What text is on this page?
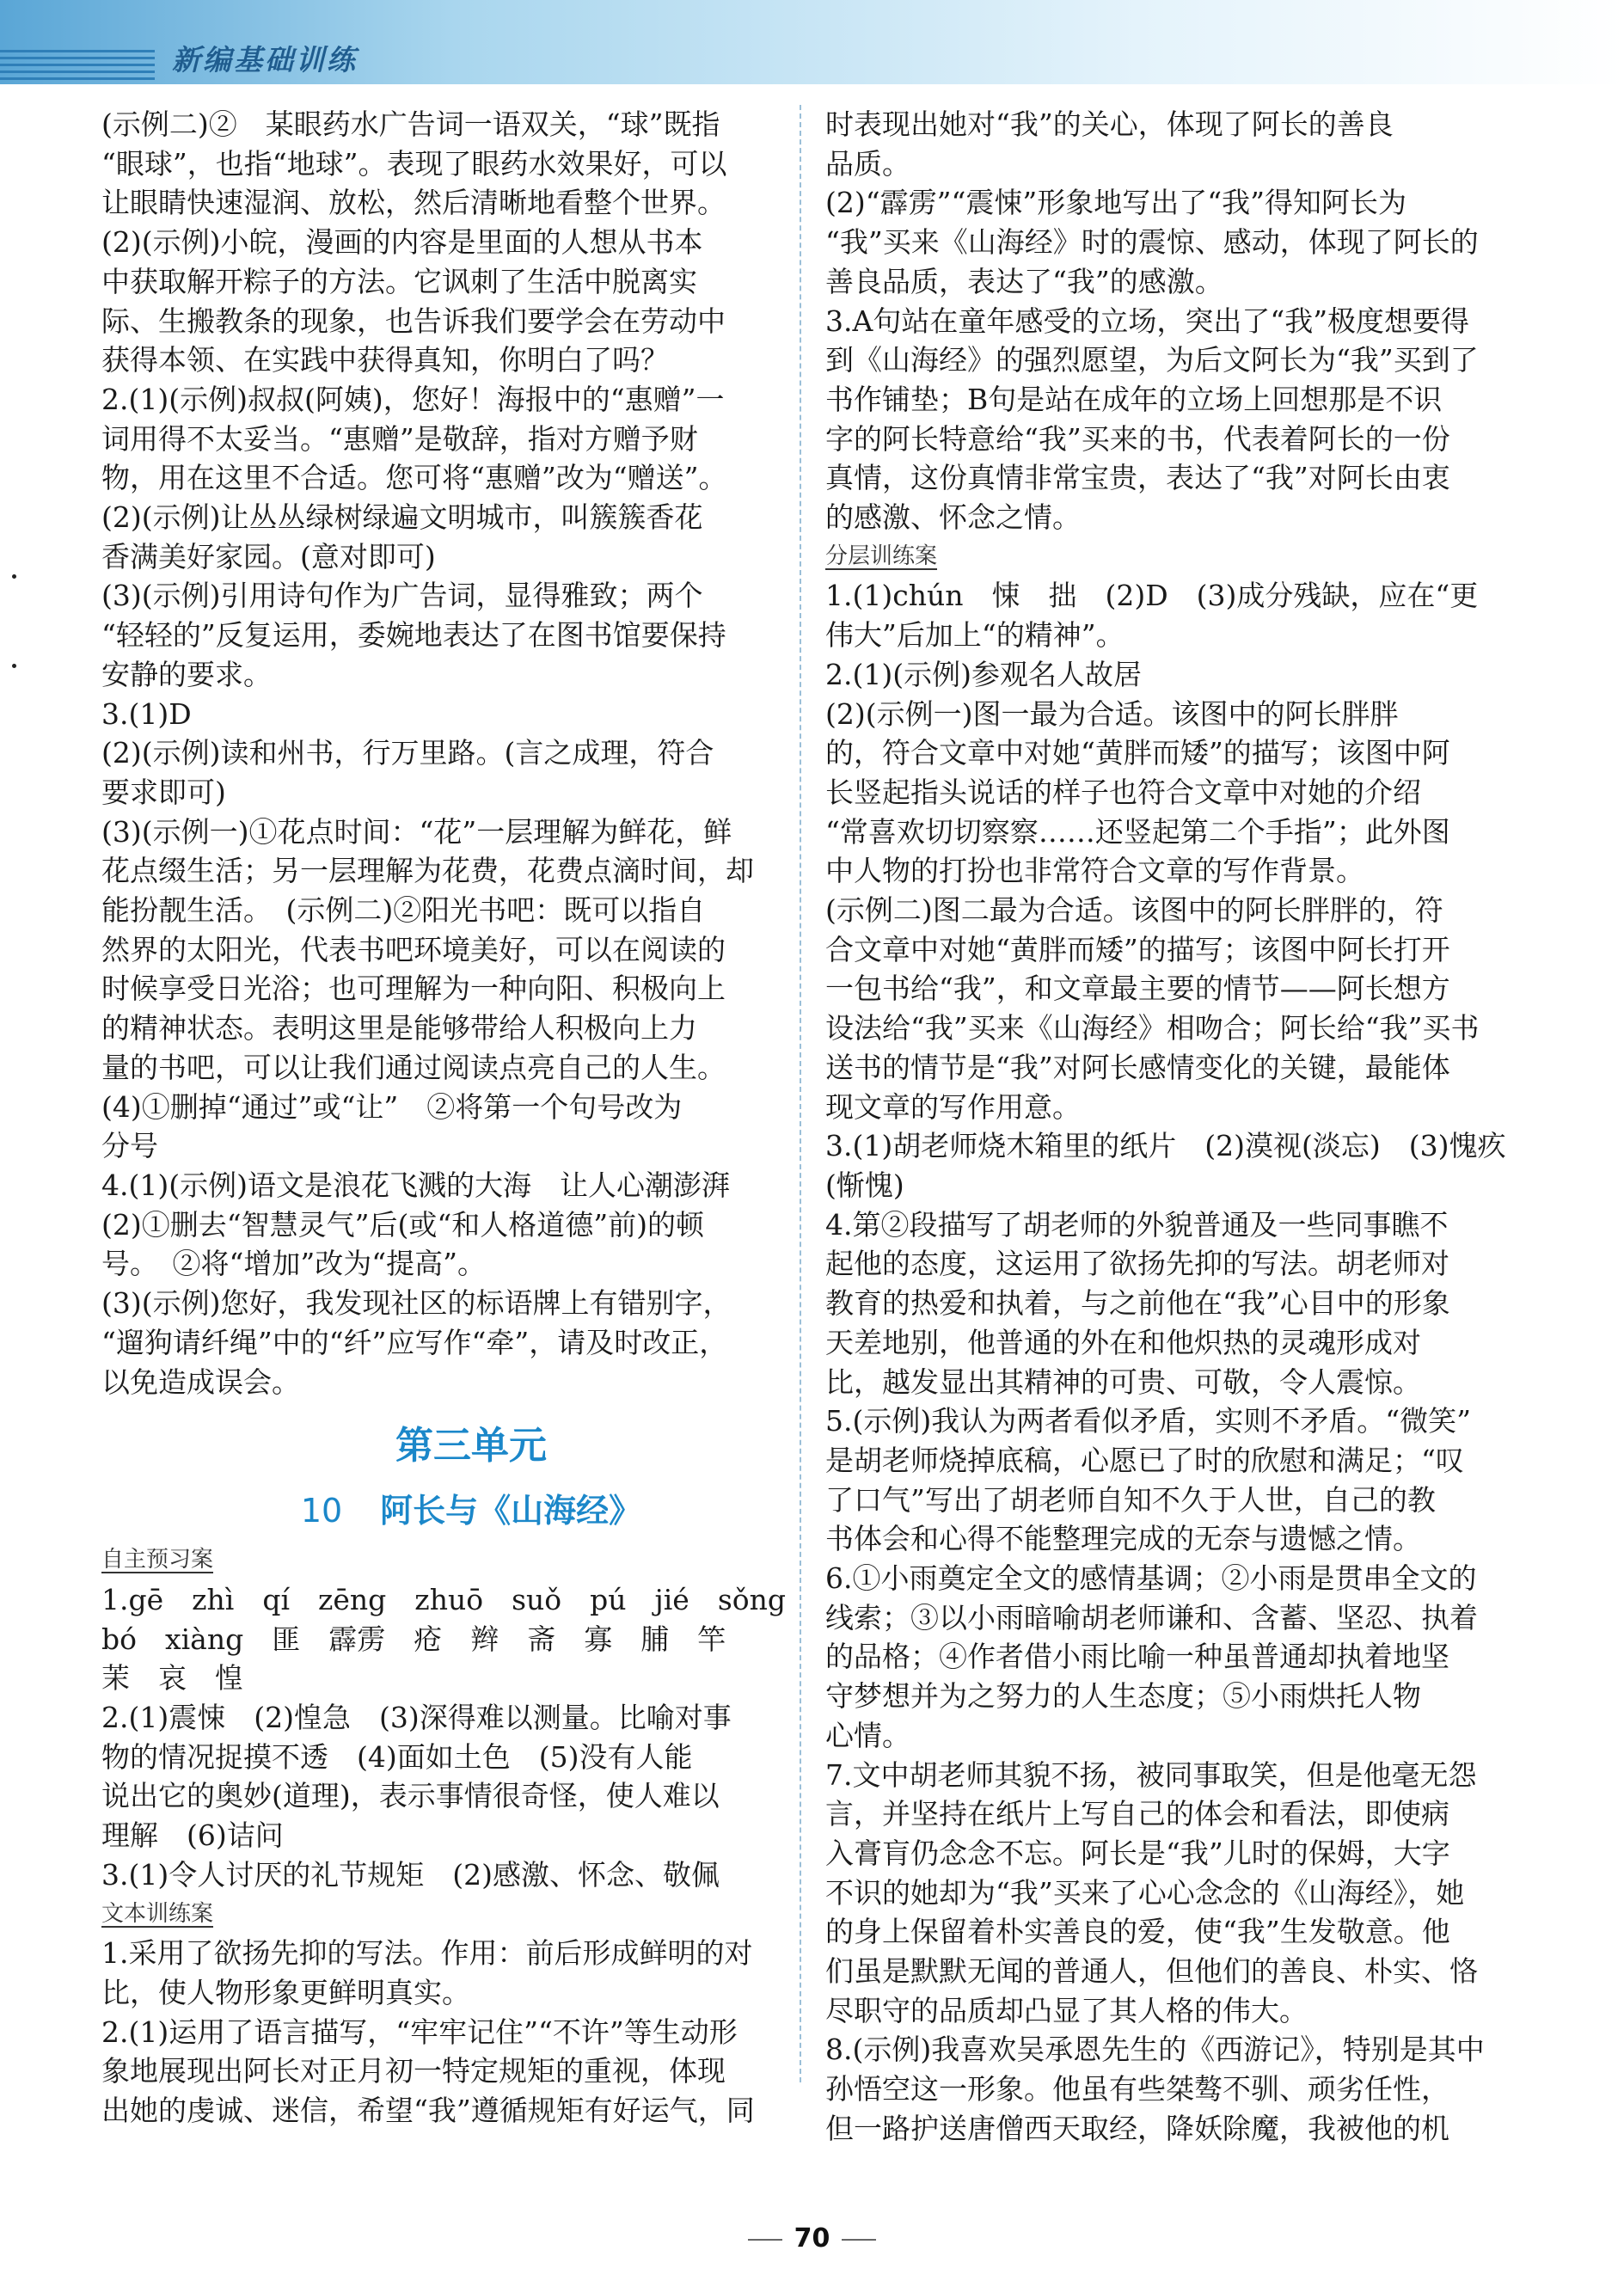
新编基础训练
(示例二)②　某眼药水广告词一语双关，“球”既指
“眼球”，也指“地球”。表现了眼药水效果好，可以
让眼睛快速湿润、放松，然后清晰地看整个世界。
(2)(示例)小皖，漫画的内容是里面的人想从书本
中获取解开粽子的方法。它讽刺了生活中脱离实
际、生搬教条的现象，也告诉我们要学会在劳动中
获得本领、在实践中获得真知，你明白了吗？
2.(1)(示例)叔叔(阿姨)，您好！海报中的“惠赠”一
词用得不太妥当。“惠赠”是敬辞，指对方赠予财
物，用在这里不合适。您可将“惠赠”改为“赠送”。
(2)(示例)让丛丛绿树绿遍文明城市，叫簇簇香花
香满美好家园。(意对即可)
(3)(示例)引用诗句作为广告词，显得雅致；两个
“轻轻的”反复运用，委婉地表达了在图书馆要保持
安静的要求。
3.(1)D
(2)(示例)读和州书，行万里路。(言之成理，符合
要求即可)
(3)(示例一)①花点时间：“花”一层理解为鲜花，鲜
花点缀生活；另一层理解为花费，花费点滴时间，却
能扮靓生活。　(示例二)②阳光书吧：既可以指自
然界的太阳光，代表书吧环境美好，可以在阅读的
时候享受日光浴；也可理解为一种向阳、积极向上
的精神状态。表明这里是能够带给人积极向上力
量的书吧，可以让我们通过阅读点亮自己的人生。
(4)①删掉“通过”或“让”　②将第一个句号改为
分号
4.(1)(示例)语文是浪花飞溅的大海　让人心潮澎湃
(2)①删去“智慧灵气”后(或“和人格道德”前)的顿
号。　②将“增加”改为“提高”。
(3)(示例)您好，我发现社区的标语牌上有错别字，
“遛狗请纤绳”中的“纤”应写作“牵”，请及时改正，
以免造成误会。
第三单元
10 阿长与《山海经》
自主预习案
1.gē　zhì　qí　zēng　zhuō　suǒ　pú　jié　sǒng
bó　xiàng　匪　霹雳　疮　辫　斋　寡　脯　竿
茉　哀　惶
2.(1)震悚　(2)惶急　(3)深得难以测量。比喻对事
物的情况捉摸不透　(4)面如土色　(5)没有人能
说出它的奥妙(道理)，表示事情很奇怪，使人难以
理解　(6)诘问
3.(1)令人讨厌的礼节规矩　(2)感激、怀念、敬佩
文本训练案
1.采用了欲扬先抑的写法。作用：前后形成鲜明的对
比，使人物形象更鲜明真实。
2.(1)运用了语言描写，“牢牢记住”“不许”等生动形
象地展现出阿长对正月初一特定规矩的重视，体现
出她的虔诚、迷信，希望“我”遵循规矩有好运气，同
时表现出她对“我”的关心，体现了阿长的善良
品质。
(2)“霹雳”“震悚”形象地写出了“我”得知阿长为
“我”买来《山海经》时的震惊、感动，体现了阿长的
善良品质，表达了“我”的感激。
3.A句站在童年感受的立场，突出了“我”极度想要得
到《山海经》的强烈愿望，为后文阿长为“我”买到了
书作铺垫；B句是站在成年的立场上回想那是不识
字的阿长特意给“我”买来的书，代表着阿长的一份
真情，这份真情非常宝贵，表达了“我”对阿长由衷
的感激、怀念之情。
分层训练案
1.(1)chún　悚　拙　(2)D　(3)成分残缺，应在“更
伟大”后加上“的精神”。
2.(1)(示例)参观名人故居
(2)(示例一)图一最为合适。该图中的阿长胖胖
的，符合文章中对她“黄胖而矮”的描写；该图中阿
长竖起指头说话的样子也符合文章中对她的介绍
“常喜欢切切察察……还竖起第二个手指”；此外图
中人物的打扮也非常符合文章的写作背景。
(示例二)图二最为合适。该图中的阿长胖胖的，符
合文章中对她“黄胖而矮”的描写；该图中阿长打开
一包书给“我”，和文章最主要的情节——阿长想方
设法给“我”买来《山海经》相吻合；阿长给“我”买书
送书的情节是“我”对阿长感情变化的关键，最能体
现文章的写作用意。
3.(1)胡老师烧木箱里的纸片　(2)漠视(淡忘)　(3)愧疚
(惭愧)
4.第②段描写了胡老师的外貌普通及一些同事瞧不
起他的态度，这运用了欲扬先抑的写法。胡老师对
教育的热爱和执着，与之前他在“我”心目中的形象
天差地别，他普通的外在和他炽热的灵魂形成对
比，越发显出其精神的可贵、可敬，令人震惊。
5.(示例)我认为两者看似矛盾，实则不矛盾。“微笑”
是胡老师烧掉底稿，心愿已了时的欣慰和满足；“叹
了口气”写出了胡老师自知不久于人世，自己的教
书体会和心得不能整理完成的无奈与遗憾之情。
6.①小雨奠定全文的感情基调；②小雨是贯串全文的
线索；③以小雨暗喻胡老师谦和、含蓄、坚忍、执着
的品格；④作者借小雨比喻一种虽普通却执着地坚
守梦想并为之努力的人生态度；⑤小雨烘托人物
心情。
7.文中胡老师其貌不扬，被同事取笑，但是他毫无怨
言，并坚持在纸片上写自己的体会和看法，即使病
入膏肓仍念念不忘。阿长是“我”儿时的保姆，大字
不识的她却为“我”买来了心心念念的《山海经》，她
的身上保留着朴实善良的爱，使“我”生发敬意。他
们虽是默默无闻的普通人，但他们的善良、朴实、恪
尽职守的品质却凸显了其人格的伟大。
8.(示例)我喜欢吴承恩先生的《西游记》，特别是其中
孙悟空这一形象。他虽有些桀骜不驯、顽劣任性，
但一路护送唐僧西天取经，降妖除魔，我被他的机
70
